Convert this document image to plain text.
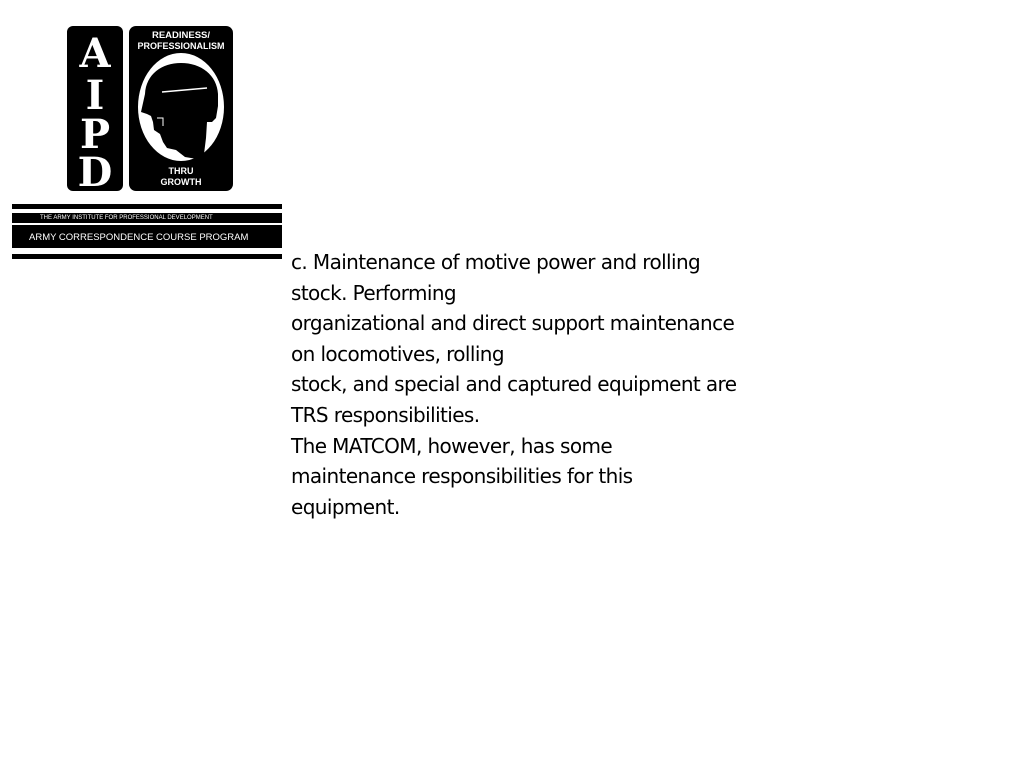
A
I
P
D
READINESS/
PROFESSIONALISM
THRU
GROWTH
THE ARMY INSTITUTE FOR PROFESSIONAL DEVELOPMENT
ARMY CORRESPONDENCE COURSE PROGRAM
c. Maintenance of motive power and rolling
stock. Performing
organizational and direct support maintenance
on locomotives, rolling
stock, and special and captured equipment are
TRS responsibilities.
The MATCOM, however, has some
maintenance responsibilities for this
equipment.
